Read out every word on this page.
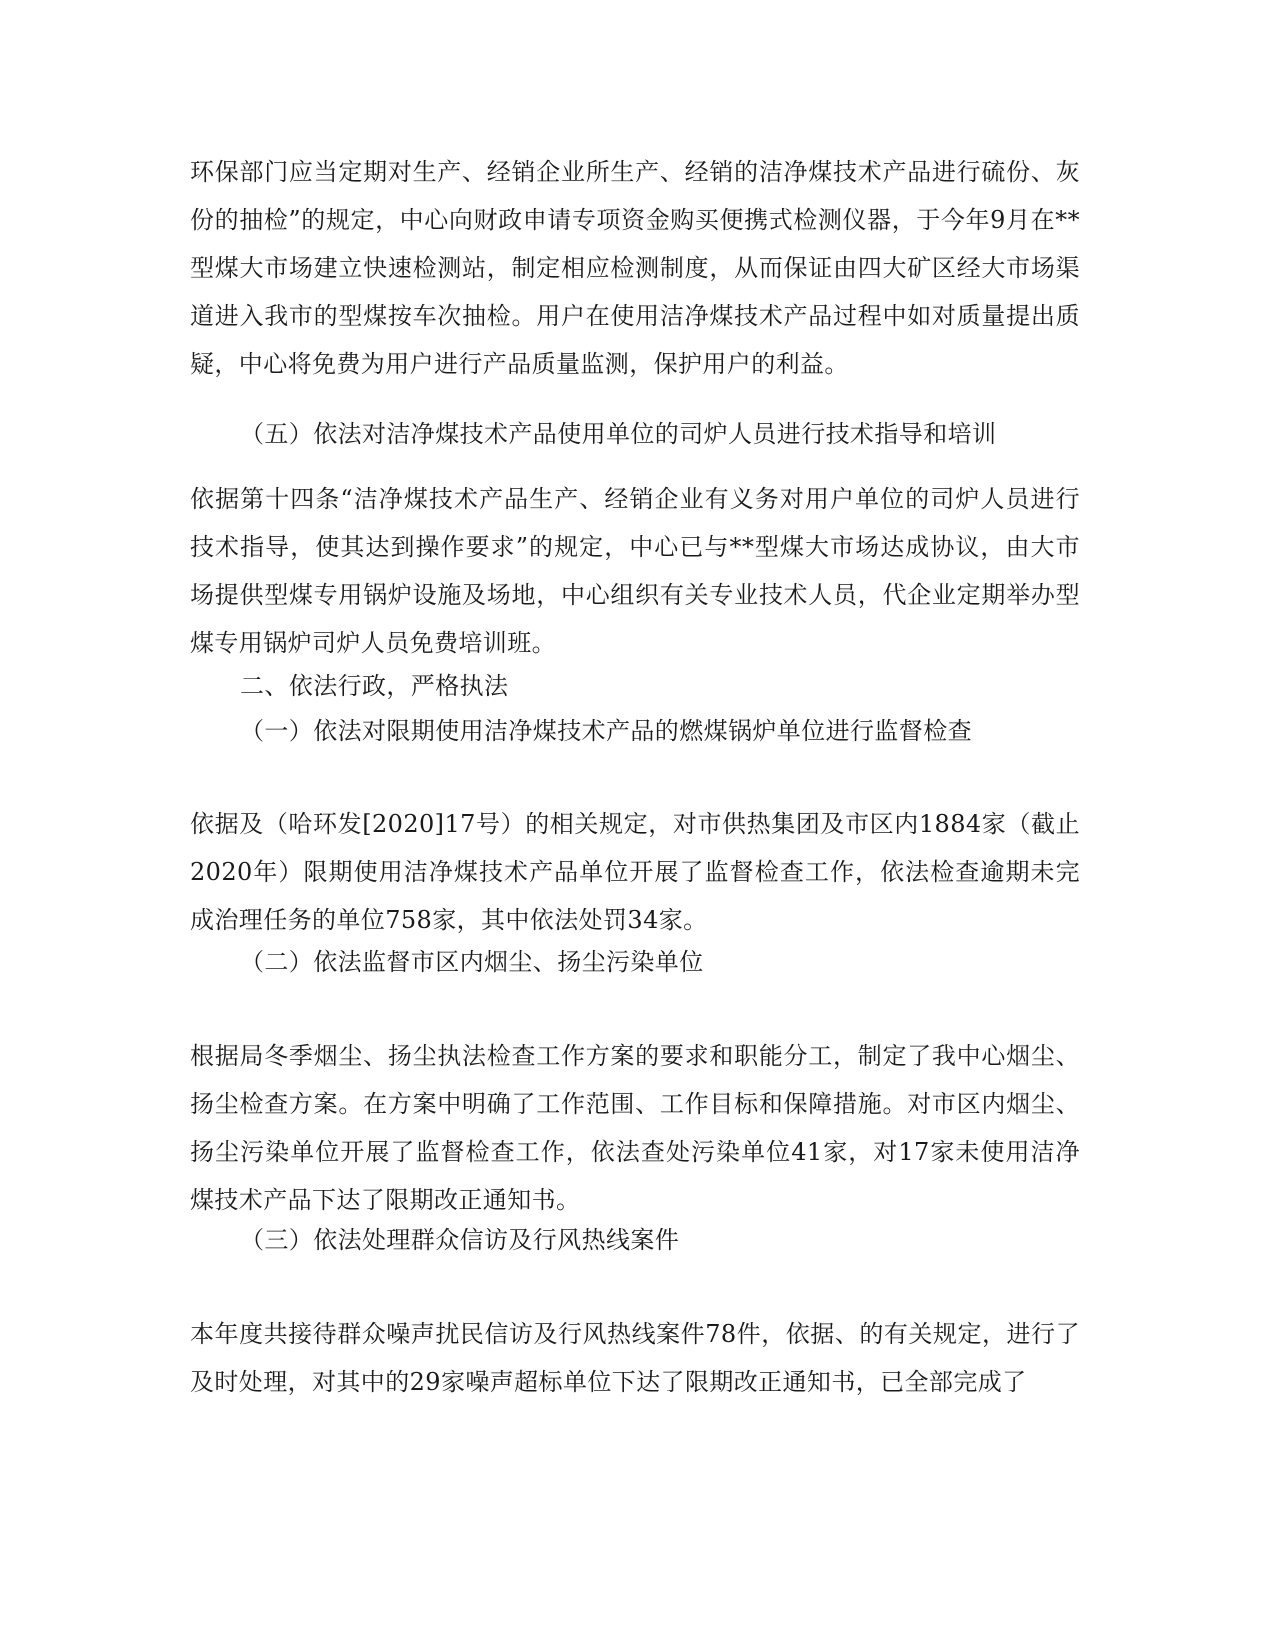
环保部门应当定期对生产、经销企业所生产、经销的洁净煤技术产品进行硫份、灰份的抽检”的规定，中心向财政申请专项资金购买便携式检测仪器，于今年9月在**型煤大市场建立快速检测站，制定相应检测制度，从而保证由四大矿区经大市场渠道进入我市的型煤按车次抽检。用户在使用洁净煤技术产品过程中如对质量提出质疑，中心将免费为用户进行产品质量监测，保护用户的利益。

（五）依法对洁净煤技术产品使用单位的司炉人员进行技术指导和培训

依据第十四条“洁净煤技术产品生产、经销企业有义务对用户单位的司炉人员进行技术指导，使其达到操作要求”的规定，中心已与**型煤大市场达成协议，由大市场提供型煤专用锅炉设施及场地，中心组织有关专业技术人员，代企业定期举办型煤专用锅炉司炉人员免费培训班。

二、依法行政，严格执法

（一）依法对限期使用洁净煤技术产品的燃煤锅炉单位进行监督检查

依据及（哈环发[2020]17号）的相关规定，对市供热集团及市区内1884家（截止2020年）限期使用洁净煤技术产品单位开展了监督检查工作，依法检查逾期未完成治理任务的单位758家，其中依法处罚34家。

（二）依法监督市区内烟尘、扬尘污染单位

根据局冬季烟尘、扬尘执法检查工作方案的要求和职能分工，制定了我中心烟尘、扬尘检查方案。在方案中明确了工作范围、工作目标和保障措施。对市区内烟尘、扬尘污染单位开展了监督检查工作，依法查处污染单位41家，对17家未使用洁净煤技术产品下达了限期改正通知书。

（三）依法处理群众信访及行风热线案件

本年度共接待群众噪声扰民信访及行风热线案件78件，依据、的有关规定，进行了及时处理，对其中的29家噪声超标单位下达了限期改正通知书，已全部完成了
